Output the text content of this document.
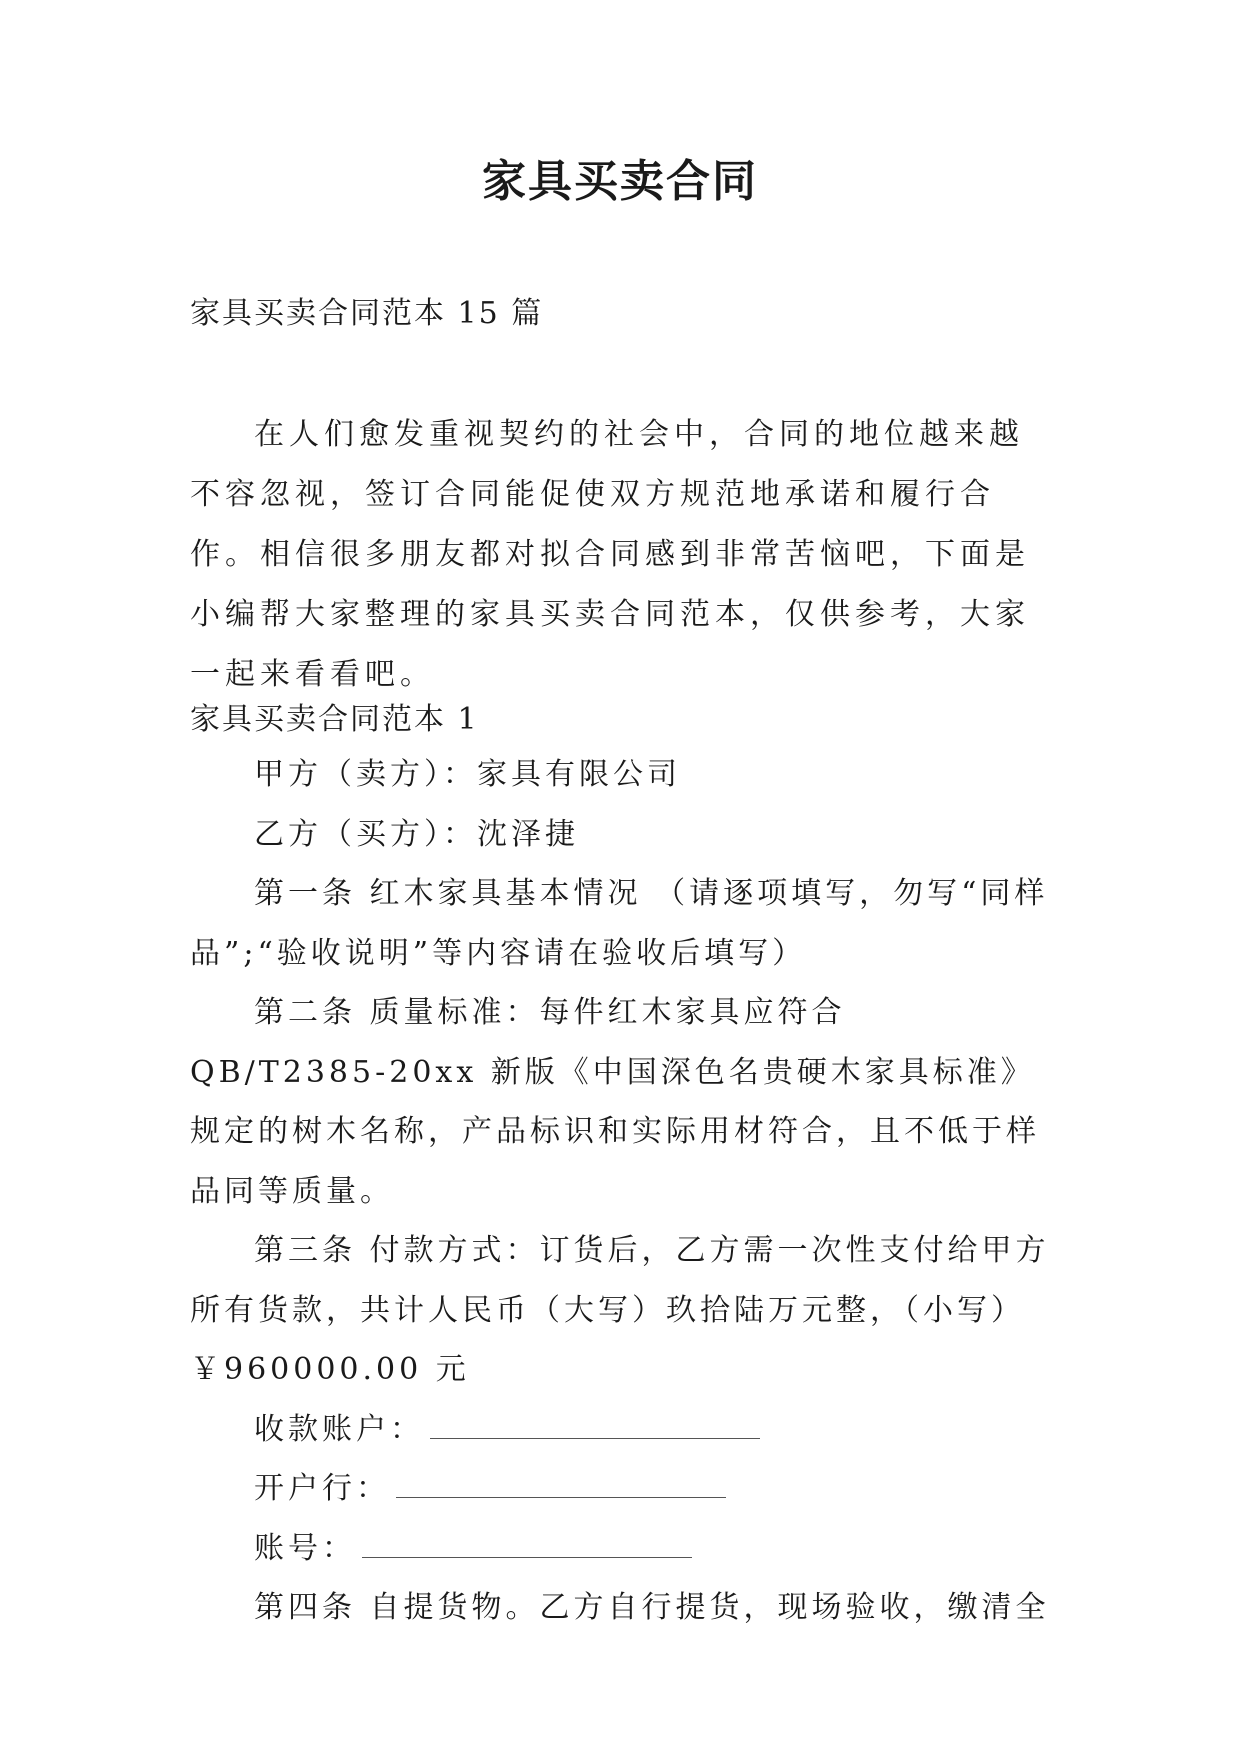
家具买卖合同
家具买卖合同范本 15 篇

在人们愈发重视契约的社会中，合同的地位越来越不容忽视，签订合同能促使双方规范地承诺和履行合作。相信很多朋友都对拟合同感到非常苦恼吧，下面是小编帮大家整理的家具买卖合同范本，仅供参考，大家一起来看看吧。

家具买卖合同范本 1

甲方（卖方）：家具有限公司

乙方（买方）：沈泽捷

第一条 红木家具基本情况 （请逐项填写，勿写“同样品”;“验收说明”等内容请在验收后填写）

第二条 质量标准：每件红木家具应符合 QB/T2385-20xx 新版《中国深色名贵硬木家具标准》规定的树木名称，产品标识和实际用材符合，且不低于样品同等质量。

第三条 付款方式：订货后，乙方需一次性支付给甲方所有货款，共计人民币（大写）玖拾陆万元整，（小写）￥960000.00 元

收款账户：

开户行：

账号：

第四条 自提货物。乙方自行提货，现场验收，缴清全
